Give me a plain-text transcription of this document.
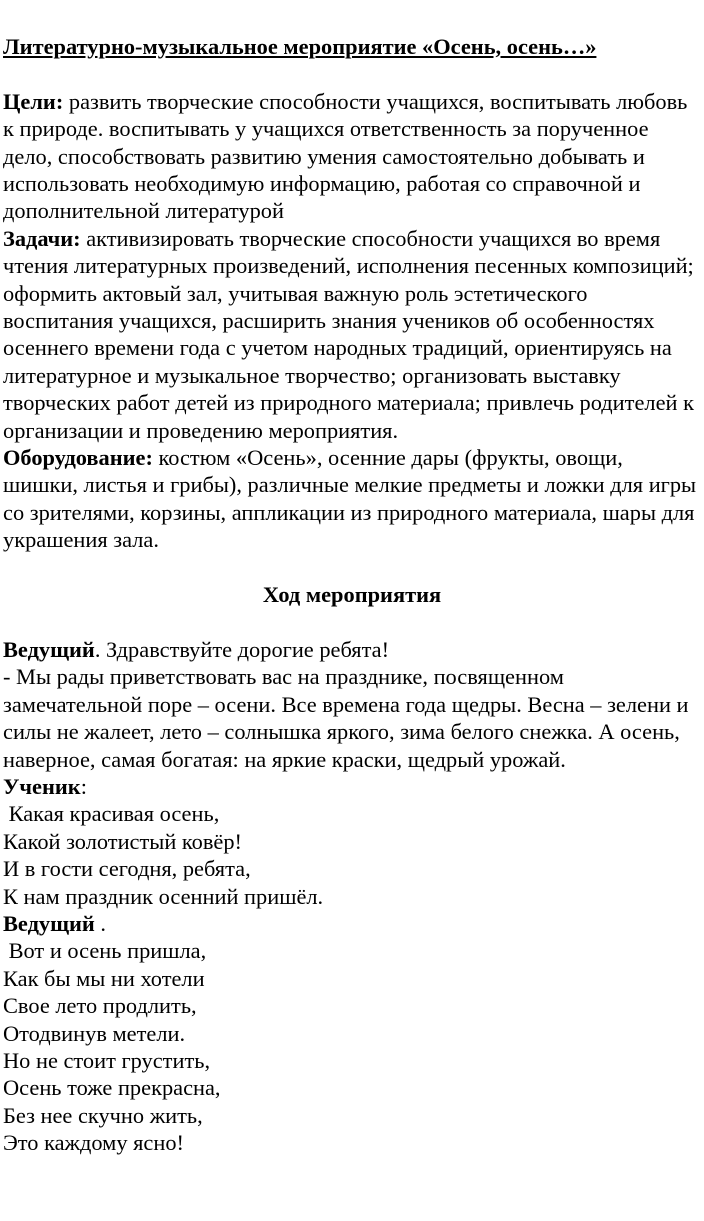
Литературно-музыкальное мероприятие «Осень, осень…»

Цели: развить творческие способности учащихся, воспитывать любовь к природе. воспитывать у учащихся ответственность за порученное дело, способствовать развитию умения самостоятельно добывать и использовать необходимую информацию, работая со справочной и дополнительной литературой

Задачи: активизировать творческие способности учащихся во время чтения литературных произведений, исполнения песенных композиций; оформить актовый зал, учитывая важную роль эстетического воспитания учащихся, расширить знания учеников об особенностях осеннего времени года с учетом народных традиций, ориентируясь на литературное и музыкальное творчество; организовать выставку творческих работ детей из природного материала; привлечь родителей к организации и проведению мероприятия.

Оборудование: костюм «Осень», осенние дары (фрукты, овощи, шишки, листья и грибы), различные мелкие предметы и ложки для игры со зрителями, корзины, аппликации из природного материала, шары для украшения зала.

Ход мероприятия

Ведущий. Здравствуйте дорогие ребята!

- Мы рады приветствовать вас на празднике, посвященном замечательной поре – осени. Все времена года щедры. Весна – зелени и силы не жалеет, лето – солнышка яркого, зима белого снежка. А осень, наверное, самая богатая: на яркие краски, щедрый урожай.

Ученик:

Какая красивая осень,
Какой золотистый ковёр!
И в гости сегодня, ребята,
К нам праздник осенний пришёл.

Ведущий .

Вот и осень пришла,
Как бы мы ни хотели
Свое лето продлить,
Отодвинув метели.
Но не стоит грустить,
Осень тоже прекрасна,
Без нее скучно жить,
Это каждому ясно!
